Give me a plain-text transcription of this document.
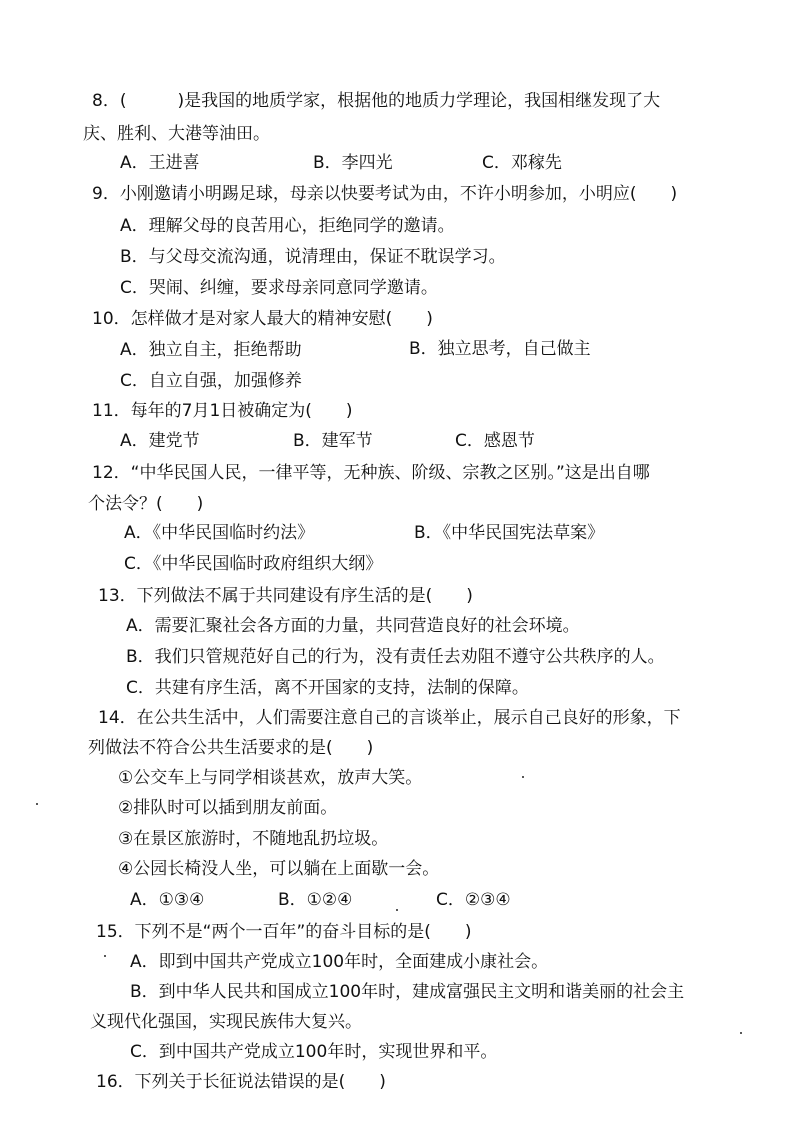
8．(　　　)是我国的地质学家，根据他的地质力学理论，我国相继发现了大
庆、胜利、大港等油田。
A．王进喜	B．李四光	C．邓稼先
9．小刚邀请小明踢足球，母亲以快要考试为由，不许小明参加，小明应(　　)
A．理解父母的良苦用心，拒绝同学的邀请。
B．与父母交流沟通，说清理由，保证不耽误学习。
C．哭闹、纠缠，要求母亲同意同学邀请。
10．怎样做才是对家人最大的精神安慰(　　)
A．独立自主，拒绝帮助	B．独立思考，自己做主
C．自立自强，加强修养
11．每年的7月1日被确定为(　　)
A．建党节	B．建军节	C．感恩节
12．“中华民国人民，一律平等，无种族、阶级、宗教之区别。”这是出自哪
个法令？(　　)
A．《中华民国临时约法》	B．《中华民国宪法草案》
C．《中华民国临时政府组织大纲》
13．下列做法不属于共同建设有序生活的是(　　)
A．需要汇聚社会各方面的力量，共同营造良好的社会环境。
B．我们只管规范好自己的行为，没有责任去劝阻不遵守公共秩序的人。
C．共建有序生活，离不开国家的支持，法制的保障。
14．在公共生活中，人们需要注意自己的言谈举止，展示自己良好的形象，下
列做法不符合公共生活要求的是(　　)
①公交车上与同学相谈甚欢，放声大笑。
②排队时可以插到朋友前面。
③在景区旅游时，不随地乱扔垃圾。
④公园长椅没人坐，可以躺在上面歇一会。
A．①③④	B．①②④	C．②③④
15．下列不是“两个一百年”的奋斗目标的是(　　)
A．即到中国共产党成立100年时，全面建成小康社会。
B．到中华人民共和国成立100年时，建成富强民主文明和谐美丽的社会主
义现代化强国，实现民族伟大复兴。
C．到中国共产党成立100年时，实现世界和平。
16．下列关于长征说法错误的是(　　)
